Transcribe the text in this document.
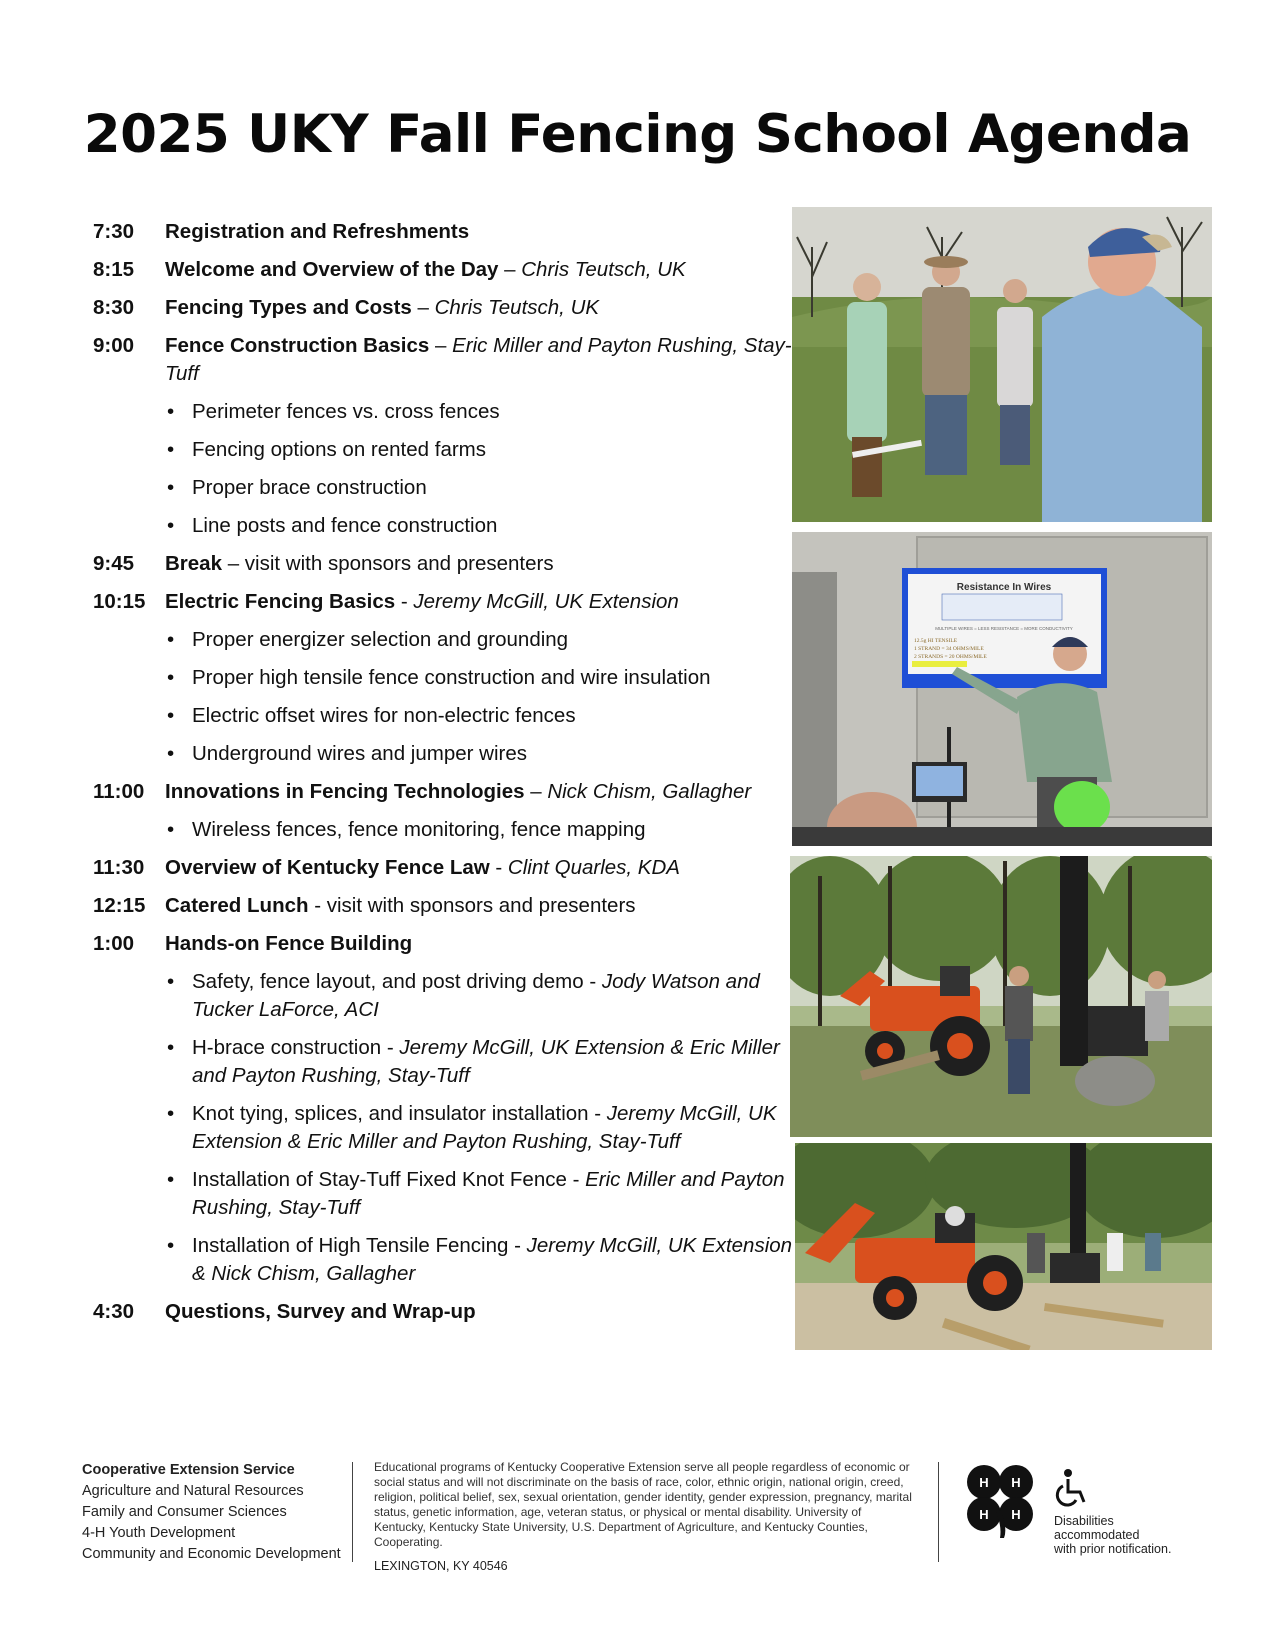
2025 UKY Fall Fencing School Agenda
7:30	Registration and Refreshments
8:15	Welcome and Overview of the Day – Chris Teutsch, UK
8:30	Fencing Types and Costs – Chris Teutsch, UK
9:00	Fence Construction Basics – Eric Miller and Payton Rushing, Stay-Tuff
• Perimeter fences vs. cross fences
• Fencing options on rented farms
• Proper brace construction
• Line posts and fence construction
9:45	Break – visit with sponsors and presenters
10:15 Electric Fencing Basics - Jeremy McGill, UK Extension
• Proper energizer selection and grounding
• Proper high tensile fence construction and wire insulation
• Electric offset wires for non-electric fences
• Underground wires and jumper wires
11:00	Innovations in Fencing Technologies – Nick Chism, Gallagher
• Wireless fences, fence monitoring, fence mapping
11:30	Overview of Kentucky Fence Law - Clint Quarles, KDA
12:15 Catered Lunch - visit with sponsors and presenters
1:00	Hands-on Fence Building
• Safety, fence layout, and post driving demo - Jody Watson and Tucker LaForce, ACI
• H-brace construction - Jeremy McGill, UK Extension & Eric Miller and Payton Rushing, Stay-Tuff
• Knot tying, splices, and insulator installation - Jeremy McGill, UK Extension & Eric Miller and Payton Rushing, Stay-Tuff
• Installation of Stay-Tuff Fixed Knot Fence - Eric Miller and Payton Rushing, Stay-Tuff
• Installation of High Tensile Fencing - Jeremy McGill, UK Extension & Nick Chism, Gallagher
4:30	Questions, Survey and Wrap-up
Resistance In Wires
MULTIPLE WIRES = LESS RESISTANCE = MORE CONDUCTIVITY
12.5g HI TENSILE
1 STRAND = 34 OHMS/MILE
2 STRANDS = 20 OHMS/MILE
Cooperative Extension Service
Agriculture and Natural Resources
Family and Consumer Sciences
4-H Youth Development
Community and Economic Development
Educational programs of Kentucky Cooperative Extension serve all people regardless of economic or social status and will not discriminate on the basis of race, color, ethnic origin, national origin, creed, religion, political belief, sex, sexual orientation, gender identity, gender expression, pregnancy, marital status, genetic information, age, veteran status, or physical or mental disability. University of Kentucky, Kentucky State University, U.S. Department of Agriculture, and Kentucky Counties, Cooperating.
LEXINGTON, KY 40546
H H
H H	Disabilities
accommodated
with prior notification.
